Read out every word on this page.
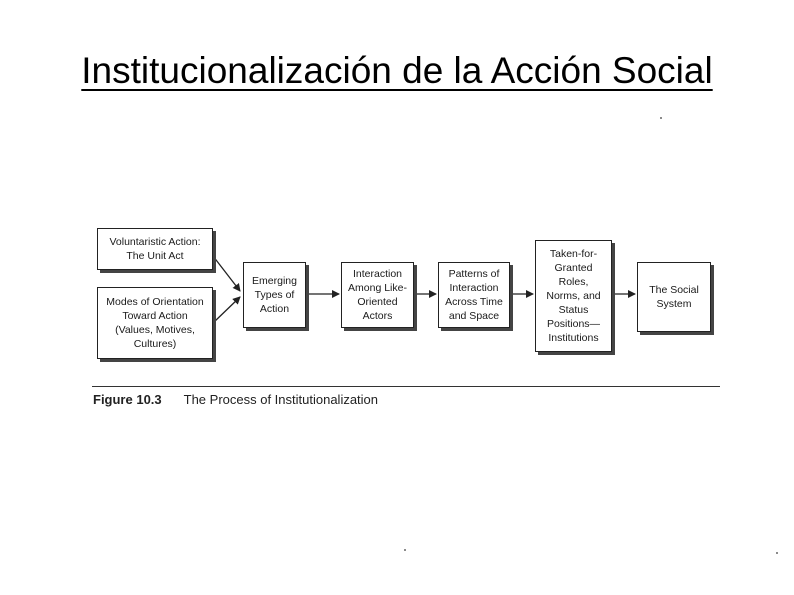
Institucionalización de la Acción Social
Voluntaristic Action:
The Unit Act
Modes of Orientation
Toward Action
(Values, Motives,
Cultures)
Emerging
Types of
Action
Interaction
Among Like-
Oriented
Actors
Patterns of
Interaction
Across Time
and Space
Taken-for-
Granted
Roles,
Norms, and
Status
Positions—
Institutions
The Social
System
Figure 10.3 The Process of Institutionalization
